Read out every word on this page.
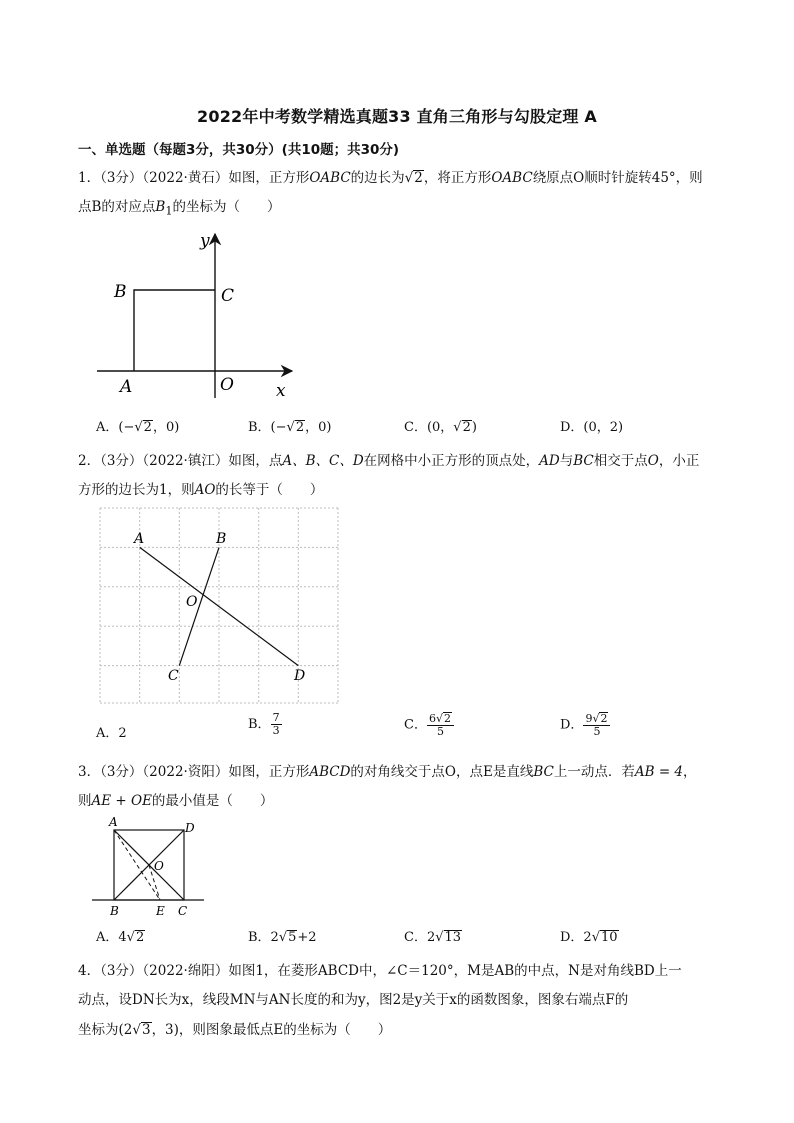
2022年中考数学精选真题33 直角三角形与勾股定理 A
一、单选题（每题3分，共30分）(共10题；共30分)
1．（3分）（2022·黄石）如图，正方形OABC的边长为√2，将正方形OABC绕原点O顺时针旋转45°，则
点B的对应点$B_1$的坐标为（　　）
y
x
B	C
A	O
A．(−√2，0)	B．(−√2，0)	C．(0，√2)	D．(0，2)
2．（3分）（2022·镇江）如图，点A、B、C、D在网格中小正方形的顶点处，AD与BC相交于点O，小正
方形的边长为1，则AO的长等于（　　）
A	B
O
C	D
A．2
B． $\frac{7}{3}$	C． $\frac{6√2}{5}$	D． $\frac{9√2}{5}$
3．（3分）（2022·资阳）如图，正方形ABCD的对角线交于点O，点E是直线BC上一动点．若AB = 4，
则AE + OE的最小值是（　　）
A	D
O
B	E C
A．4√2	B．2√5+2	C．2√13	D．2√10
4．（3分）（2022·绵阳）如图1，在菱形ABCD中，∠C＝120°，M是AB的中点，N是对角线BD上一
动点，设DN长为x，线段MN与AN长度的和为y，图2是y关于x的函数图象，图象右端点F的
坐标为(2√3，3)，则图象最低点E的坐标为（　　）
